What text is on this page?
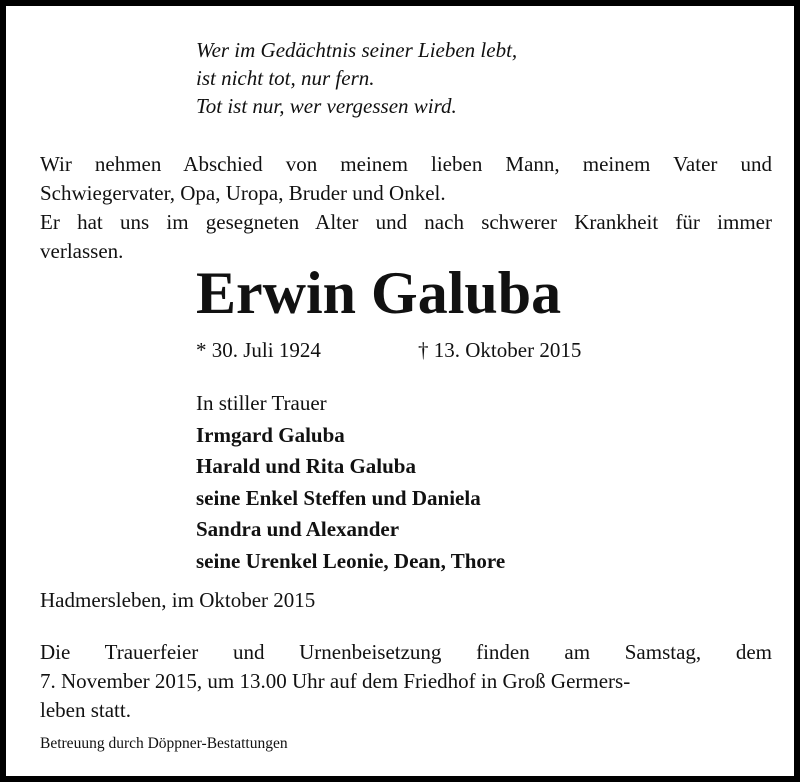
Wer im Gedächtnis seiner Lieben lebt,
ist nicht tot, nur fern.
Tot ist nur, wer vergessen wird.
Wir nehmen Abschied von meinem lieben Mann, meinem Vater und
Schwiegervater, Opa, Uropa, Bruder und Onkel.
Er hat uns im gesegneten Alter und nach schwerer Krankheit für immer
verlassen.
Erwin Galuba
* 30. Juli 1924	† 13. Oktober 2015
In stiller Trauer
Irmgard Galuba
Harald und Rita Galuba
seine Enkel Steffen und Daniela
Sandra und Alexander
seine Urenkel Leonie, Dean, Thore
Hadmersleben, im Oktober 2015
Die Trauerfeier und Urnenbeisetzung finden am Samstag, dem
7. November 2015, um 13.00 Uhr auf dem Friedhof in Groß Germers-
leben statt.
Betreuung durch Döppner-Bestattungen
